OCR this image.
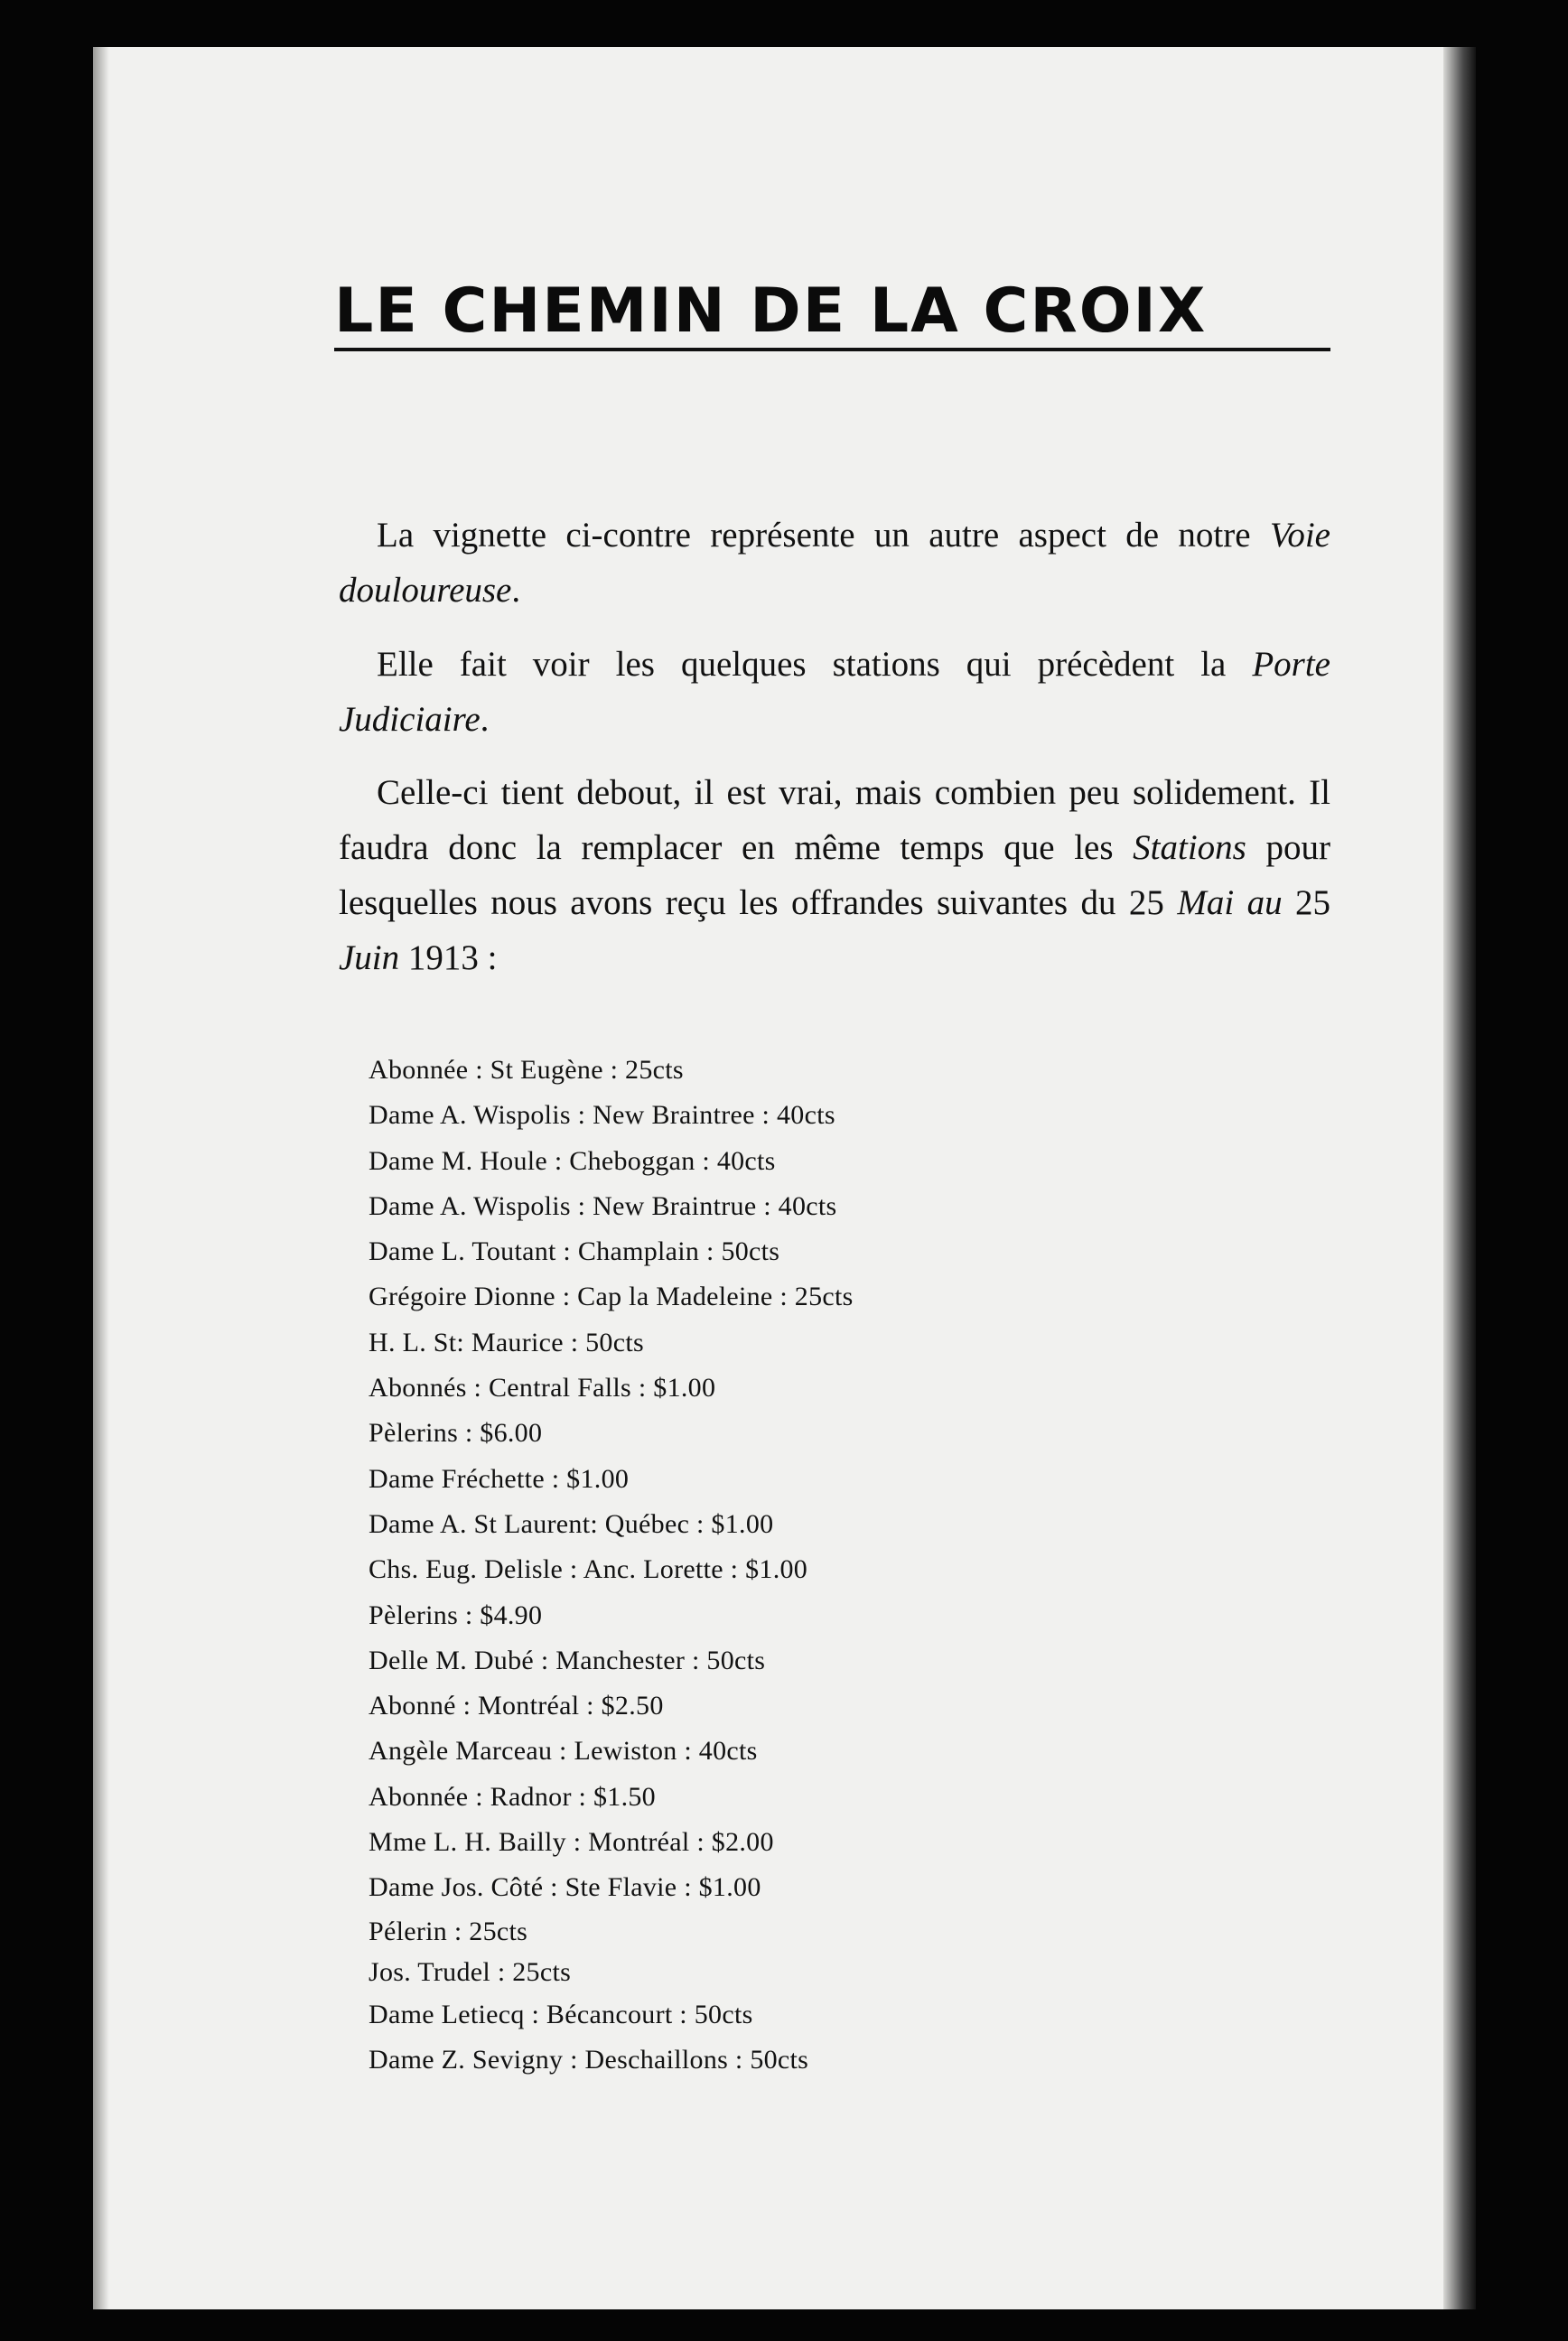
LE CHEMIN DE LA CROIX

La vignette ci-contre représente un autre aspect de notre Voie douloureuse.

Elle fait voir les quelques stations qui précèdent la Porte Judiciaire.

Celle-ci tient debout, il est vrai, mais combien peu solidement. Il faudra donc la remplacer en même temps que les Stations pour lesquelles nous avons reçu les offrandes suivantes du 25 Mai au 25 Juin 1913 :

Abonnée : St Eugène : 25cts
Dame A. Wispolis : New Braintree : 40cts
Dame M. Houle : Cheboggan : 40cts
Dame A. Wispolis : New Braintrue : 40cts
Dame L. Toutant : Champlain : 50cts
Grégoire Dionne : Cap la Madeleine : 25cts
H. L. St: Maurice : 50cts
Abonnés : Central Falls : $1.00
Pèlerins : $6.00
Dame Fréchette : $1.00
Dame A. St Laurent: Québec : $1.00
Chs. Eug. Delisle : Anc. Lorette : $1.00
Pèlerins : $4.90
Delle M. Dubé : Manchester : 50cts
Abonné : Montréal : $2.50
Angèle Marceau : Lewiston : 40cts
Abonnée : Radnor : $1.50
Mme L. H. Bailly : Montréal : $2.00
Dame Jos. Côté : Ste Flavie : $1.00
Pélerin : 25cts
Jos. Trudel : 25cts
Dame Letiecq : Bécancourt : 50cts
Dame Z. Sevigny : Deschaillons : 50cts
